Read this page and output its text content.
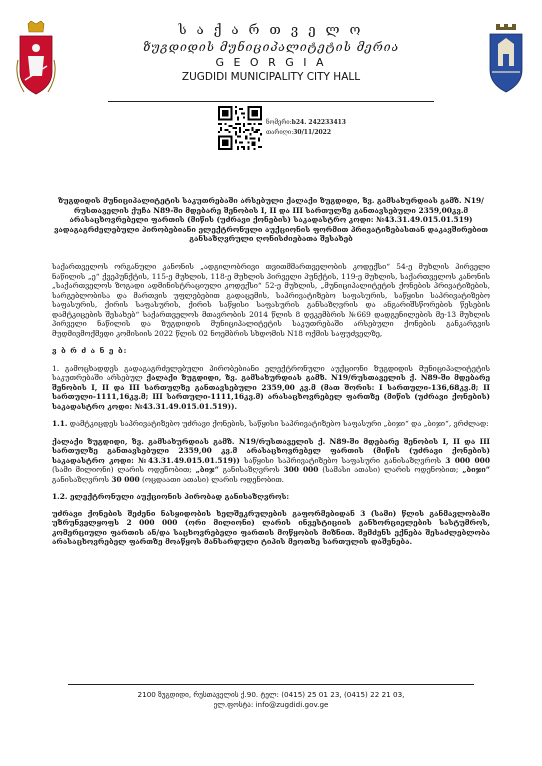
ს ა ქ ა რ თ ვ ე ლ ო
ზუგდიდის მუნიციპალიტეტის მერია
G E O R G I A
ZUGDIDI MUNICIPALITY CITY HALL
ნომერი:b24. 242233413
თარიღი:30/11/2022
ზუგდიდის მუნიციპალიტეტის საკუთრებაში არსებული ქალაქი ზუგდიდი, ზვ. გამსახურდიას გამზ. N19/რუსთაველის ქუჩა N89-ში მდებარე შენობის I, II და III სართულზე განთავსებული 2359,00კვ.მ არასაცხოვრებელი ფართის (მიწის (უძრავი ქონების) საკადასტრო კოდი: №43.31.49.015.01.519) ვადაგაგრძელებული პირობებიანი ელექტრონული აუქციონის ფორმით პრივატიზებასთან დაკავშირებით განსაზღვრული ღონისძიებათა შესახებ

საქართველოს ორგანული კანონის „ადგილობრივი თვითმმართველობის კოდექსი“ 54-ე მუხლის პირველი ნაწილის „ე“ ქვეპუნქტის, 115-ე მუხლის, 118-ე მუხლის პირველი პუნქტის, 119-ე მუხლის, საქართველოს კანონის „საქართველოს ზოგადი ადმინისტრაციული კოდექსი“ 52-ე მუხლის, „მუნიციპალიტეტის ქონების პრივატიზების, სარგებლობისა და მართვის უფლებებით გადაცემის, საპრივატიზებო საფასურის, საწყისი საპრივატიზებო საფასურის, ქირის საფასურის, ქირის საწყისი საფასურის განსაზღვრის და ანგარიშსწორების წესების დამტკიცების შესახებ“ საქართველოს მთავრობის 2014 წლის 8 დეკემბრის №669 დადგენილების მე-13 მუხლის პირველი ნაწილის და ზუგდიდის მუნიციპალიტეტის საკუთრებაში არსებული ქონების განკარგვის მუდმივმოქმედი კომისიის 2022 წლის 02 ნოემბრის სხდომის N18 ოქმის საფუძველზე,

ვ ბ რ ძ ა ნ ე ბ:

1. გამოცხადდეს გადაგაგრძელებული პირობებიანი ელექტრონული აუქციონი ზუგდიდის მუნიციპალიტეტის საკუთრებაში არსებულ ქალაქი ზუგდიდი, ზვ. გამსახურდიას გამზ. N19/რუსთაველის ქ. N89-ში მდებარე შენობის I, II და III სართულზე განთავსებული 2359,00 კვ.მ (მათ შორის: I სართული-136,68კვ.მ; II სართული-1111,16კვ.მ; III სართული-1111,16კვ.მ) არასაცხოვრებელ ფართზე (მიწის (უძრავი ქონების) საკადასტრო კოდი: №43.31.49.015.01.519)).

1.1. დამტკიცდეს საპრივატიზებო უძრავი ქონების, საწყისი საპრივატიზებო საფასური „ბიჯი“ და „ბიჯი“, ვრძლად:

ქალაქი ზუგდიდი, ზვ. გამსახურდიას გამზ. N19/რუსთაველის ქ. N89-ში მდებარე შენობის I, II და III სართულზე განთავსებული 2359,00 კვ.მ არასაცხოვრებელ ფართის (მიწის (უძრავი ქონების) საკადასტრო კოდი: №43.31.49.015.01.519)) საწყისი საპრივატიზებო საფასური განისაზღვროს 3 000 000 (სამი მილიონი) ლარის ოდენობით; „ბიჯ“ განისაზღვროს 300 000 (სამასი ათასი) ლარის ოდენობით; „ბიჯი“ განისაზღვროს 30 000 (ოცდაათი ათასი) ლარის ოდენობით.

1.2. ელექტრონული აუქციონის პირობად განისაზღვროს:

უძრავი ქონების შეძენი ნასყიდობის ხელშეკრულების გაფორმებიდან 3 (სამი) წლის განმავლობაში უზრუნველყოფს 2 000 000 (ორი მილიონი) ლარის ინვესტიციის განხორციელების სასტუმროს, კომერციული ფართის ან/და საცხოვრებელი ფართის მოწყობის მიზნით. შემძენს ექნება შესაძლებლობა არასაცხოვრებელ ფართზე მოაწყოს მანსარდული ტიპის მეოთხე სართულის დაშენება.

2100 ზუგდიდი, რუსთაველის ქ.90. ტელ: (0415) 25 01 23, (0415) 22 21 03,
ელ.ფოსტა: info@zugdidi.gov.ge
